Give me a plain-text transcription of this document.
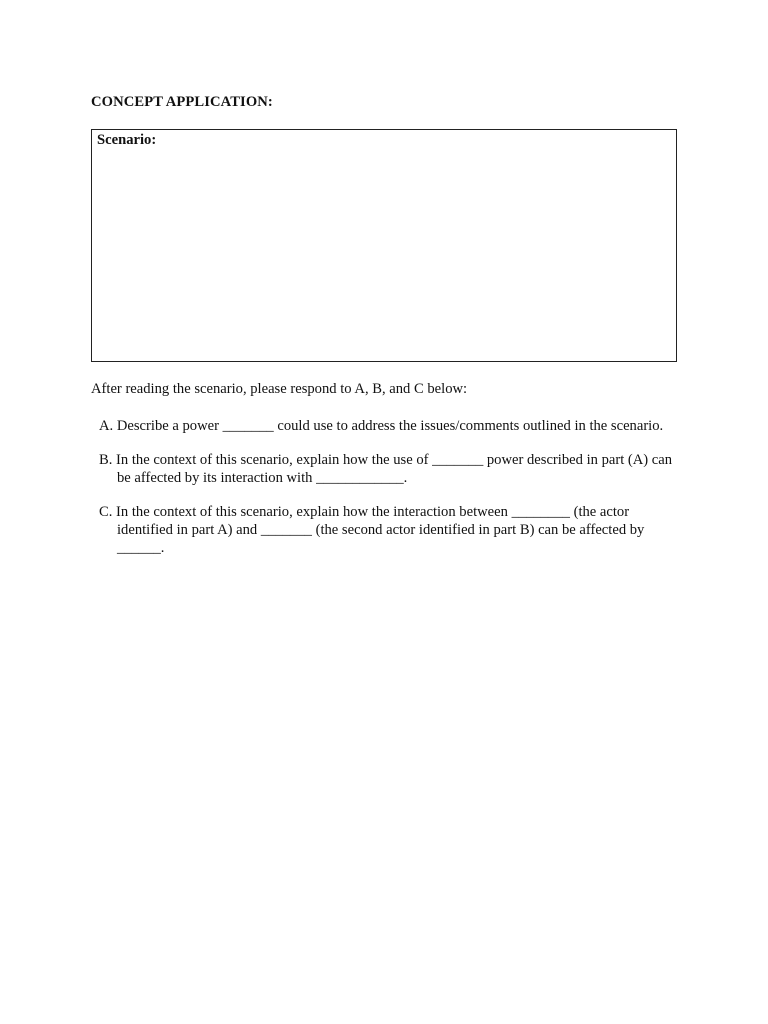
CONCEPT APPLICATION:
Scenario:

After reading the scenario, please respond to A, B, and C below:

A. Describe a power _______ could use to address the issues/comments outlined in the scenario.
B. In the context of this scenario, explain how the use of _______ power described in part (A) can be affected by its interaction with ____________.
C. In the context of this scenario, explain how the interaction between ________ (the actor identified in part A) and _______ (the second actor identified in part B) can be affected by ______.
